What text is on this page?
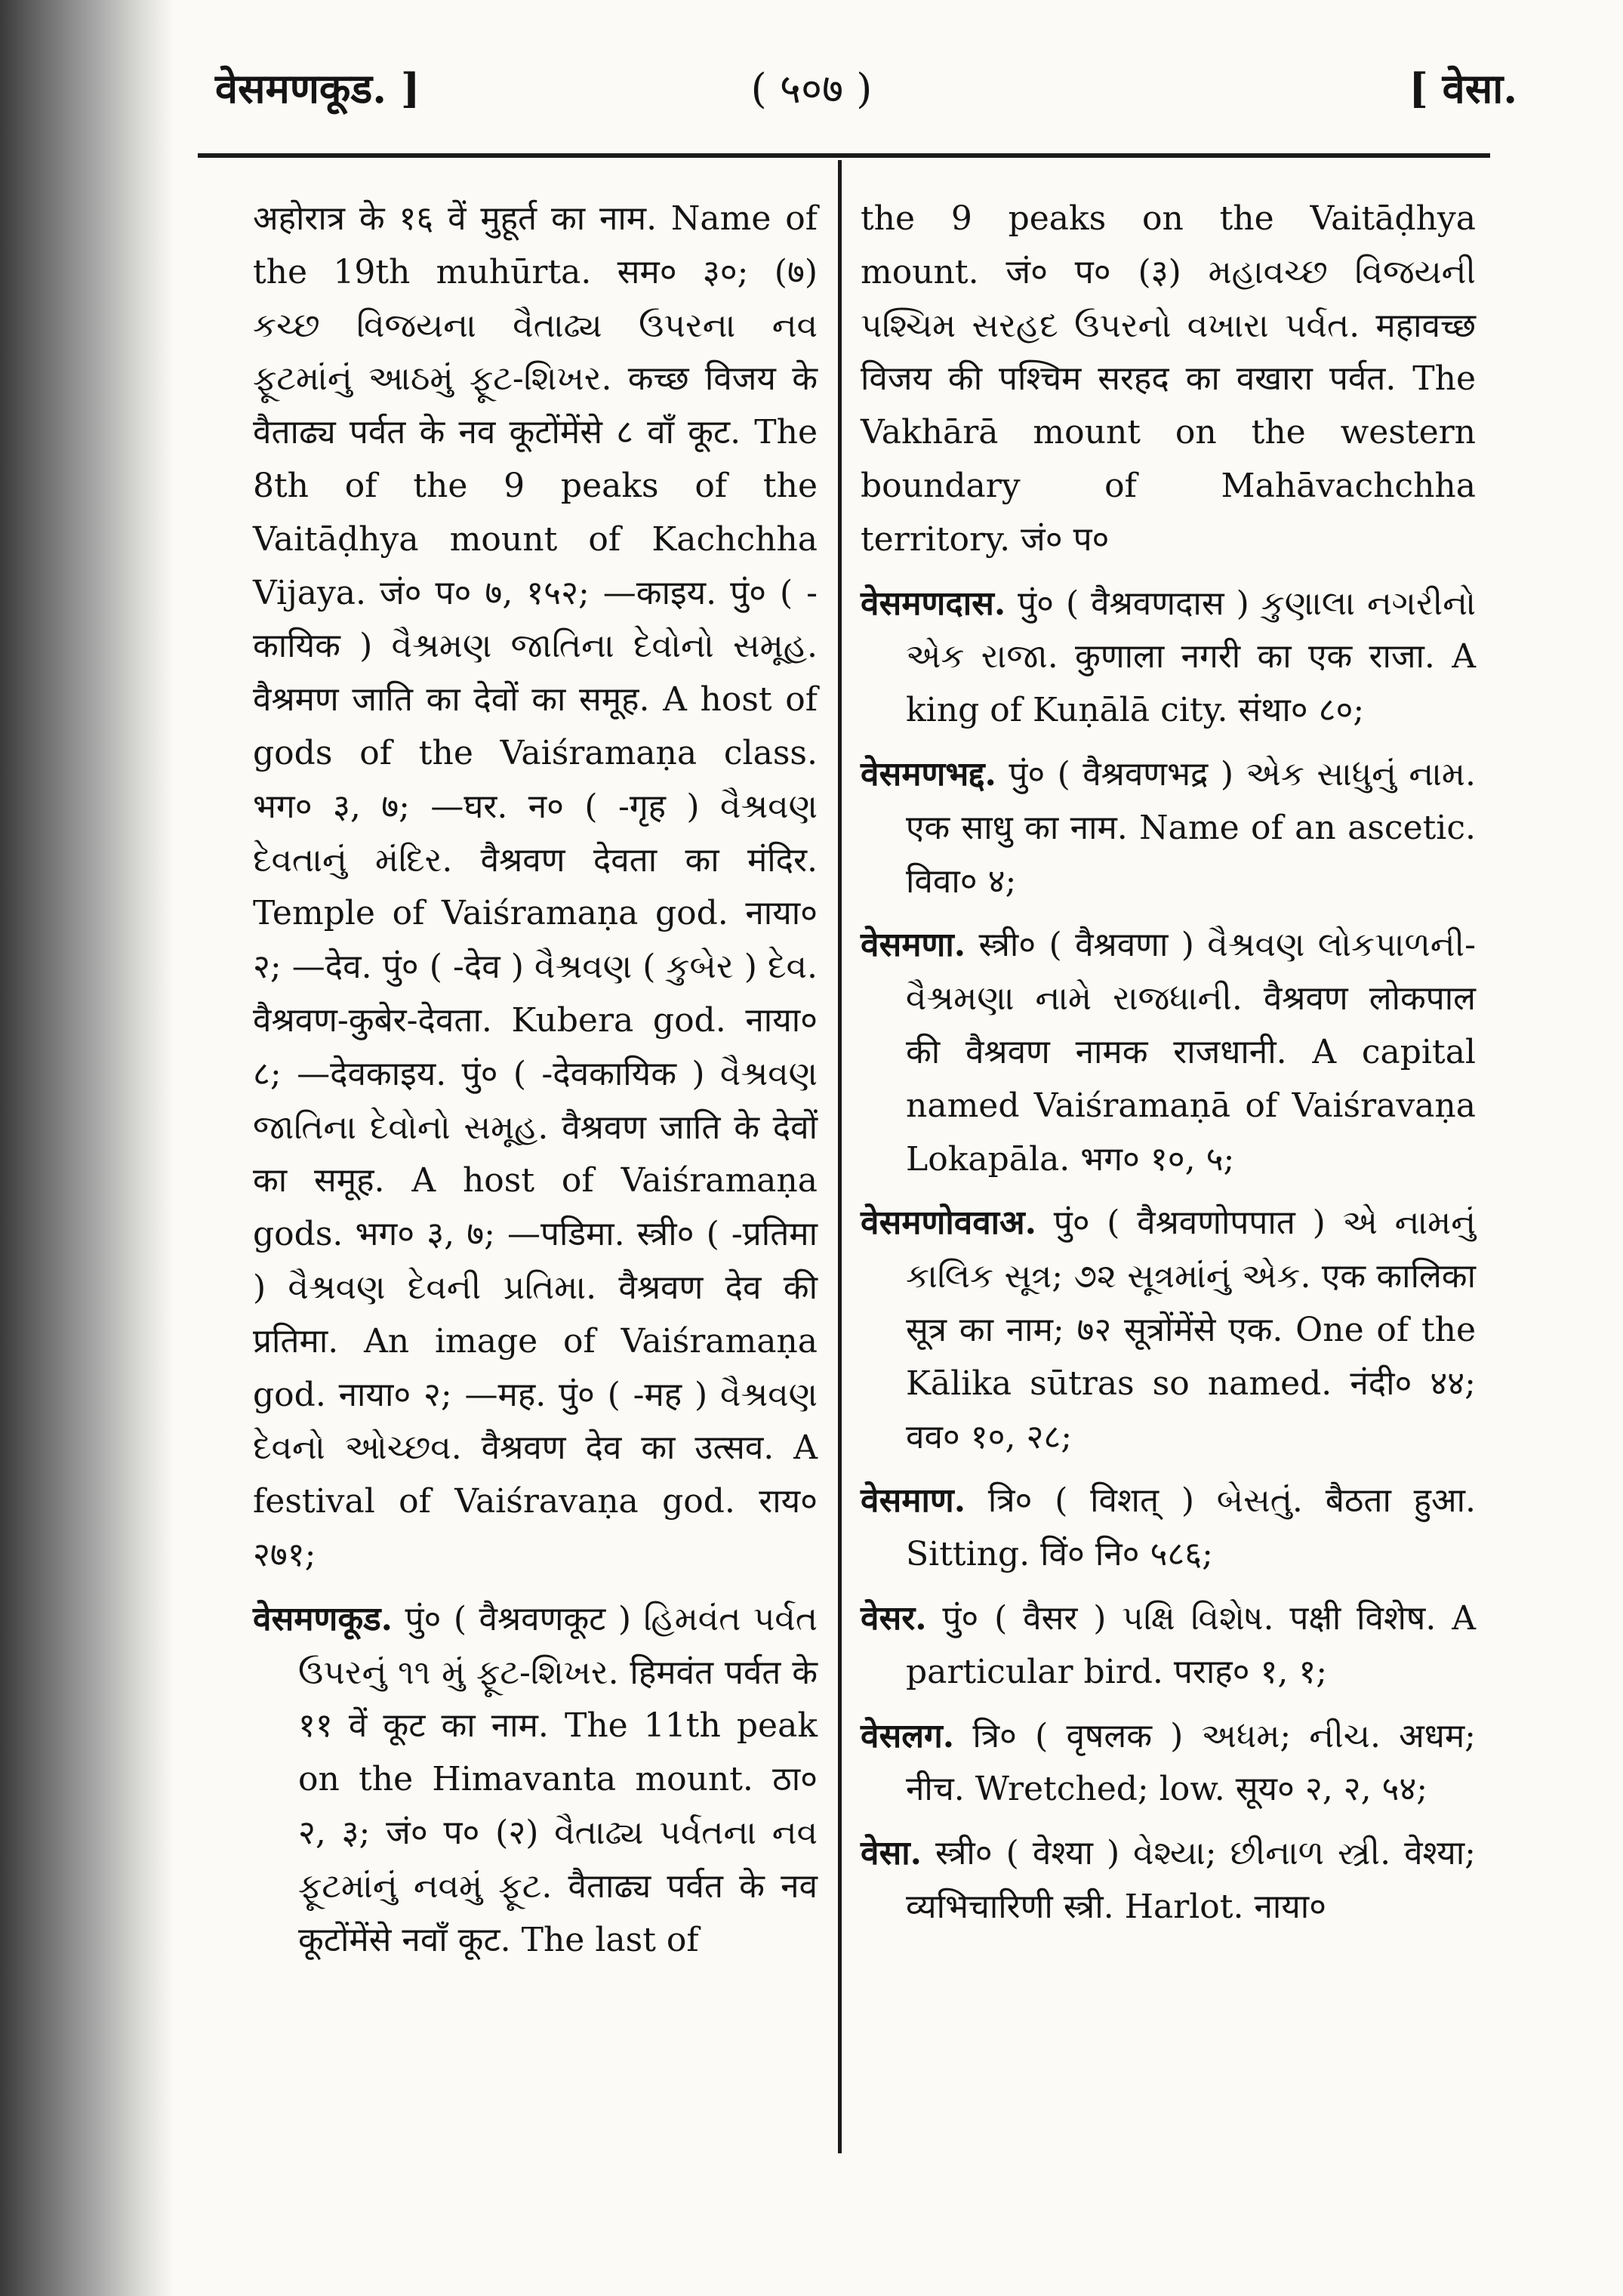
वेसमणकूड. ]	( ५०७ )	[ वेसा.

अहोरात्र के १६ वें मुहूर्त का नाम. Name of the 19th muhūrta. सम० ३०; (७) કચ્છ વિજયના વૈતાઢ્ય ઉપરના નવ ફૂટમાંનું આઠમું ફૂટ-શિખર. कच्छ विजय के वैताढ्य पर्वत के नव कूटोंमेंसे ८ वाँ कूट. The 8th of the 9 peaks of the Vaitāḍhya mount of Kachchha Vijaya. जं० प० ७, १५२; —काइय. पुं० ( -कायिक ) વૈશ્રમણ જાતિના દેવોનો સમૂહ. वैश्रमण जाति का देवों का समूह. A host of gods of the Vaiśramaṇa class. भग० ३, ७; —घर. न० ( -गृह ) વૈશ્રવણ દેવતાનું મંદિર. वैश्रवण देवता का मंदिर. Temple of Vaiśramaṇa god. नाया० २; —देव. पुं० ( -देव ) વૈશ્રવણ ( કુબેર ) દેવ. वैश्रवण-कुबेर-देवता. Kubera god. नाया० ८; —देवकाइय. पुं० ( -देवकायिक ) વૈશ્રવણ જાતિના દેવોનો સમૂહ. वैश्रवण जाति के देवों का समूह. A host of Vaiśramaṇa gods. भग० ३, ७; —पडिमा. स्त्री० ( -प्रतिमा ) વૈશ્રવણ દેવની પ્રતિમા. वैश्रवण देव की प्रतिमा. An image of Vaiśramaṇa god. नाया० २; —मह. पुं० ( -मह ) વૈશ્રવણ દેવનો ઓચ્છવ. वैश्रवण देव का उत्सव. A festival of Vaiśravaṇa god. राय० २७१;

वेसमणकूड. पुं० ( वैश्रवणकूट ) હિમવંત પર્વત ઉપરનું ૧૧ મું ફૂટ-શિખર. हिमवंत पर्वत के ११ वें कूट का नाम. The 11th peak on the Himavanta mount. ठा० २, ३; जं० प० (२) વૈતાઢ્ય પર્વતના નવ ફૂટમાંનું નવમું ફૂટ. वैताढ्य पर्वत के नव कूटोंमेंसे नवाँ कूट. The last of

the 9 peaks on the Vaitāḍhya mount. जं० प० (३) મહાવચ્છ વિજયની પશ્ચિમ સરહદ ઉપરનો વખારા પર્વત. महावच्छ विजय की पश्चिम सरहद का वखारा पर्वत. The Vakhārā mount on the western boundary of Mahāvachchha territory. जं० प०

वेसमणदास. पुं० ( वैश्रवणदास ) કુણાલા નગરીનો એક રાજા. कुणाला नगरी का एक राजा. A king of Kuṇālā city. संथा० ८०;

वेसमणभद्द. पुं० ( वैश्रवणभद्र ) એક સાધુનું નામ. एक साधु का नाम. Name of an ascetic. विवा० ४;

वेसमणा. स्त्री० ( वैश्रवणा ) વૈશ્રવણ લોકપાળની-વૈશ્રમણા નામે રાજધાની. वैश्रवण लोकपाल की वैश्रवण नामक राजधानी. A capital named Vaiśramaṇā of Vaiśravaṇa Lokapāla. भग० १०, ५;

वेसमणोववाअ. पुं० ( वैश्रवणोपपात ) એ નામનું કાલિક સૂત્ર; ૭૨ સૂત્રમાંનું એક. एक कालिका सूत्र का नाम; ७२ सूत्रोंमेंसे एक. One of the Kālika sūtras so named. नंदी० ४४; वव० १०, २८;

वेसमाण. त्रि० ( विशत् ) બેસતું. बैठता हुआ. Sitting. विं० नि० ५८६;

वेसर. पुं० ( वैसर ) પક્ષિ વિશેષ. पक्षी विशेष. A particular bird. पराह० १, १;

वेसलग. त्रि० ( वृषलक ) અધમ; નીચ. अधम; नीच. Wretched; low. सूय० २, २, ५४;

वेसा. स्त्री० ( वेश्या ) વેશ્યા; છીનાળ સ્ત્રી. वेश्या; व्यभिचारिणी स्त्री. Harlot. नाया०
